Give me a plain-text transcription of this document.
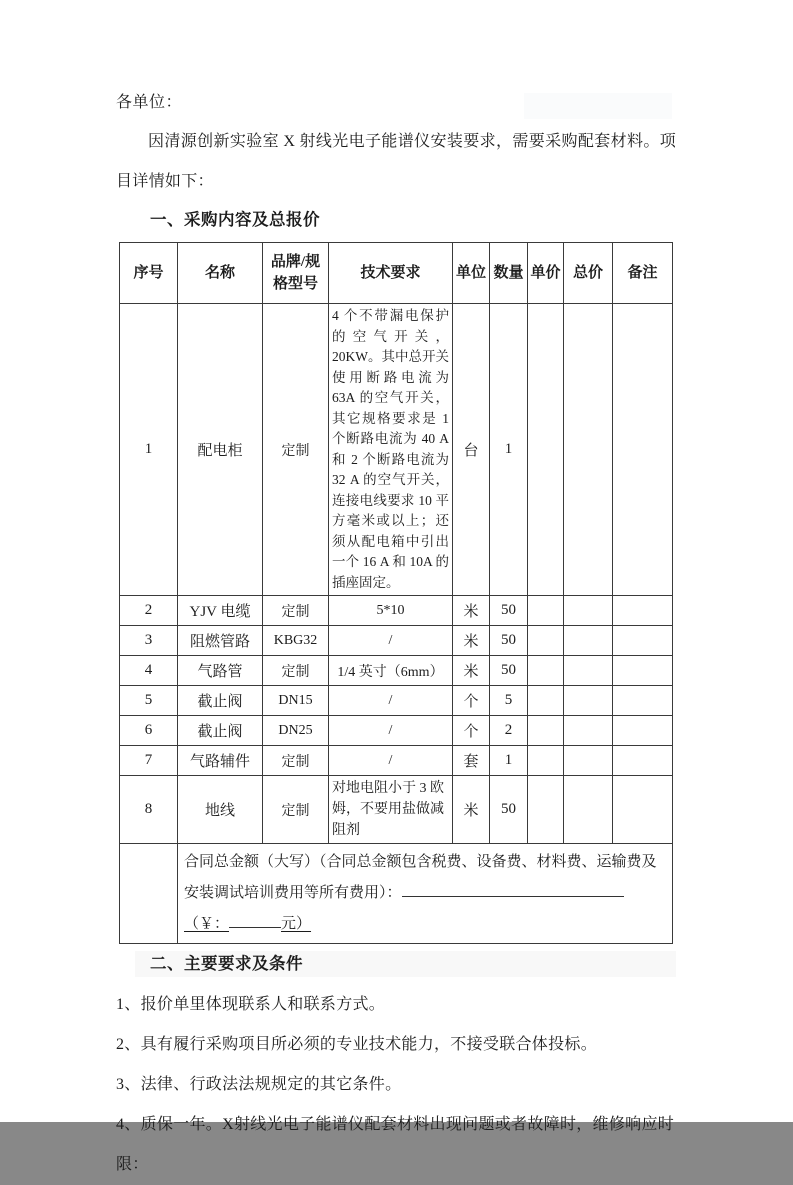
各单位：

因清源创新实验室 X 射线光电子能谱仪安装要求，需要采购配套材料。项目详情如下：

一、采购内容及总报价
序号	名称	品牌/规格型号	技术要求	单位	数量	单价	总价	备注
1	配电柜	定制	4 个不带漏电保护的空气开关，20KW。其中总开关使用断路电流为 63A 的空气开关，其它规格要求是 1 个断路电流为 40 A 和 2 个断路电流为 32 A 的空气开关，连接电线要求 10 平方毫米或以上；还须从配电箱中引出一个 16 A 和 10A 的插座固定。	台	1			
2	YJV 电缆	定制	5*10	米	50			
3	阻燃管路	KBG32	/	米	50			
4	气路管	定制	1/4 英寸（6mm）	米	50			
5	截止阀	DN15	/	个	5			
6	截止阀	DN25	/	个	2			
7	气路辅件	定制	/	套	1			
8	地线	定制	对地电阻小于 3 欧姆，不要用盐做减阻剂	米	50			
	合同总金额（大写）（合同总金额包含税费、设备费、材料费、运输费及安装调试培训费用等所有费用）：（￥： 元）							
二、主要要求及条件

1、报价单里体现联系人和联系方式。

2、具有履行采购项目所必须的专业技术能力，不接受联合体投标。

3、法律、行政法法规规定的其它条件。

4、质保一年。X射线光电子能谱仪配套材料出现问题或者故障时，维修响应时限：
